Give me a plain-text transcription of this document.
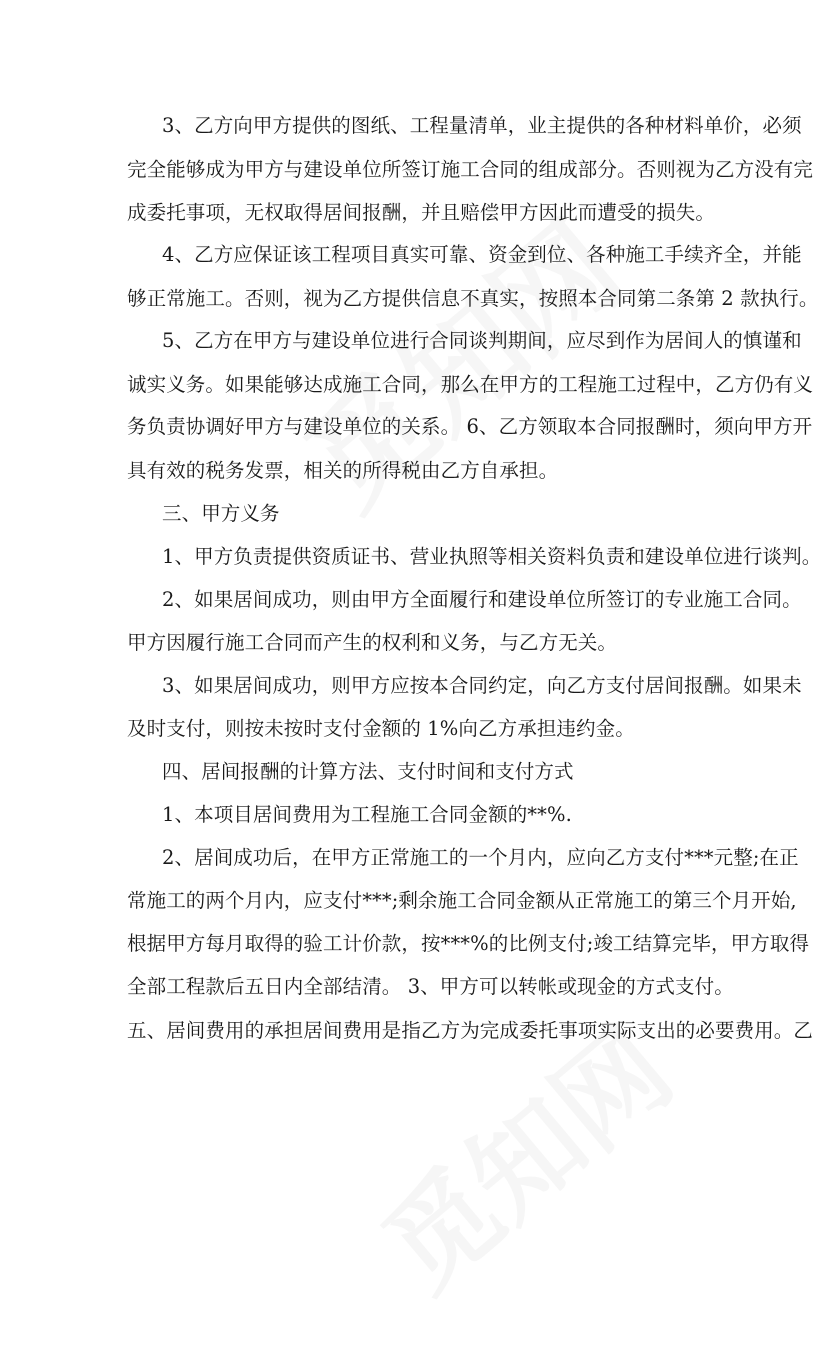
3、乙方向甲方提供的图纸、工程量清单，业主提供的各种材料单价，必须
完全能够成为甲方与建设单位所签订施工合同的组成部分。否则视为乙方没有完
成委托事项，无权取得居间报酬，并且赔偿甲方因此而遭受的损失。
4、乙方应保证该工程项目真实可靠、资金到位、各种施工手续齐全，并能
够正常施工。否则，视为乙方提供信息不真实，按照本合同第二条第 2 款执行。
5、乙方在甲方与建设单位进行合同谈判期间，应尽到作为居间人的慎谨和
诚实义务。如果能够达成施工合同，那么在甲方的工程施工过程中，乙方仍有义
务负责协调好甲方与建设单位的关系。 6、乙方领取本合同报酬时，须向甲方开
具有效的税务发票，相关的所得税由乙方自承担。
三、甲方义务
1、甲方负责提供资质证书、营业执照等相关资料负责和建设单位进行谈判。
2、如果居间成功，则由甲方全面履行和建设单位所签订的专业施工合同。
甲方因履行施工合同而产生的权利和义务，与乙方无关。
3、如果居间成功，则甲方应按本合同约定，向乙方支付居间报酬。如果未
及时支付，则按未按时支付金额的 1%向乙方承担违约金。
四、居间报酬的计算方法、支付时间和支付方式
1、本项目居间费用为工程施工合同金额的**%.
2、居间成功后，在甲方正常施工的一个月内，应向乙方支付***元整;在正
常施工的两个月内，应支付***;剩余施工合同金额从正常施工的第三个月开始,
根据甲方每月取得的验工计价款，按***%的比例支付;竣工结算完毕，甲方取得
全部工程款后五日内全部结清。 3、甲方可以转帐或现金的方式支付。
五、居间费用的承担居间费用是指乙方为完成委托事项实际支出的必要费用。乙
